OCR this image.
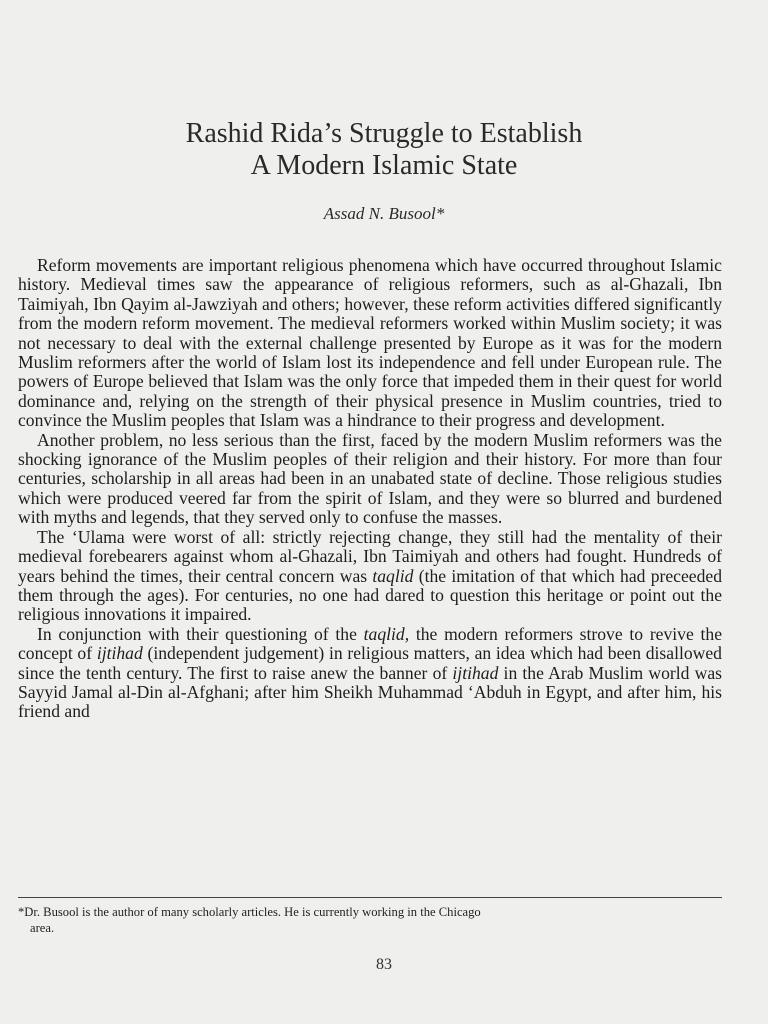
Rashid Rida’s Struggle to Establish
A Modern Islamic State
Assad N. Busool*

Reform movements are important religious phenomena which have occurred throughout Islamic history. Medieval times saw the appearance of religious reformers, such as al-Ghazali, Ibn Taimiyah, Ibn Qayim al-Jawziyah and others; however, these reform activities differed significantly from the modern reform movement. The medieval reformers worked within Muslim society; it was not necessary to deal with the external challenge presented by Europe as it was for the modern Muslim reformers after the world of Islam lost its independence and fell under European rule. The powers of Europe believed that Islam was the only force that impeded them in their quest for world dominance and, relying on the strength of their physical presence in Muslim countries, tried to convince the Muslim peoples that Islam was a hindrance to their progress and development.

Another problem, no less serious than the first, faced by the modern Muslim reformers was the shocking ignorance of the Muslim peoples of their religion and their history. For more than four centuries, scholarship in all areas had been in an unabated state of decline. Those religious studies which were produced veered far from the spirit of Islam, and they were so blurred and burdened with myths and legends, that they served only to confuse the masses.

The ‘Ulama were worst of all: strictly rejecting change, they still had the mentality of their medieval forebearers against whom al-Ghazali, Ibn Taimiyah and others had fought. Hundreds of years behind the times, their central concern was taqlid (the imitation of that which had preceeded them through the ages). For centuries, no one had dared to question this heritage or point out the religious innovations it impaired.

In conjunction with their questioning of the taqlid, the modern reformers strove to revive the concept of ijtihad (independent judgement) in religious matters, an idea which had been disallowed since the tenth century. The first to raise anew the banner of ijtihad in the Arab Muslim world was Sayyid Jamal al-Din al-Afghani; after him Sheikh Muhammad ‘Abduh in Egypt, and after him, his friend and

*Dr. Busool is the author of many scholarly articles. He is currently working in the Chicago
area.
83
